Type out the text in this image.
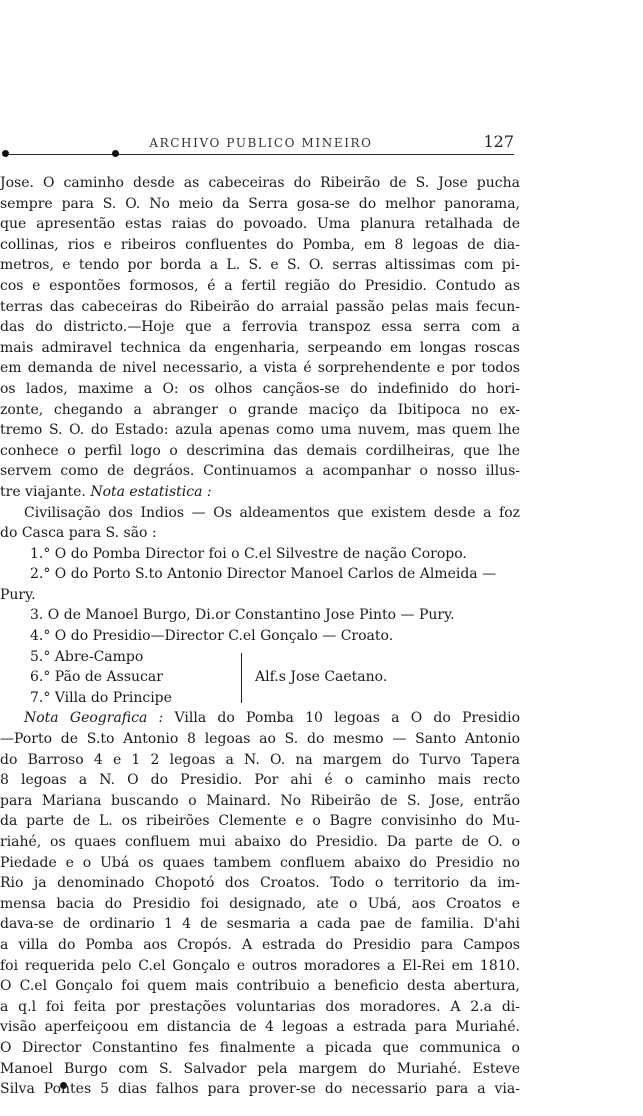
ARCHIVO PUBLICO MINEIRO	127
Jose. O caminho desde as cabeceiras do Ribeirão de S. Jose pucha
sempre para S. O. No meio da Serra gosa-se do melhor panorama,
que apresentão estas raias do povoado. Uma planura retalhada de
collinas, rios e ribeiros confluentes do Pomba, em 8 legoas de dia-
metros, e tendo por borda a L. S. e S. O. serras altissimas com pi-
cos e espontões formosos, é a fertil região do Presidio. Contudo as
terras das cabeceiras do Ribeirão do arraial passão pelas mais fecun-
das do districto.—Hoje que a ferrovia transpoz essa serra com a
mais admiravel technica da engenharia, serpeando em longas roscas
em demanda de nivel necessario, a vista é sorprehendente e por todos
os lados, maxime a O: os olhos cançãos-se do indefinido do hori-
zonte, chegando a abranger o grande maciço da Ibitipoca no ex-
tremo S. O. do Estado: azula apenas como uma nuvem, mas quem lhe
conhece o perfil logo o descrimina das demais cordilheiras, que lhe
servem como de degráos. Continuamos a acompanhar o nosso illus-
tre viajante. Nota estatistica :
Civilisação dos Indios — Os aldeamentos que existem desde a foz
do Casca para S. são :
1.° O do Pomba Director foi o C.el Silvestre de nação Coropo.
2.° O do Porto S.to Antonio Director Manoel Carlos de Almeida —
Pury.
3. O de Manoel Burgo, Di.or Constantino Jose Pinto — Pury.
4.° O do Presidio—Director C.el Gonçalo — Croato.
5.° Abre-Campo
6.° Pão de Assucar
7.° Villa do Principe
Alf.s Jose Caetano.
Nota Geografica : Villa do Pomba 10 legoas a O do Presidio
—Porto de S.to Antonio 8 legoas ao S. do mesmo — Santo Antonio
do Barroso 4 e 1 2 legoas a N. O. na margem do Turvo Tapera
8 legoas a N. O do Presidio. Por ahi é o caminho mais recto
para Mariana buscando o Mainard. No Ribeirão de S. Jose, entrão
da parte de L. os ribeirões Clemente e o Bagre convisinho do Mu-
riahé, os quaes confluem mui abaixo do Presidio. Da parte de O. o
Piedade e o Ubá os quaes tambem confluem abaixo do Presidio no
Rio ja denominado Chopotó dos Croatos. Todo o territorio da im-
mensa bacia do Presidio foi designado, ate o Ubá, aos Croatos e
dava-se de ordinario 1 4 de sesmaria a cada pae de familia. D'ahi
a villa do Pomba aos Cropós. A estrada do Presidio para Campos
foi requerida pelo C.el Gonçalo e outros moradores a El-Rei em 1810.
O C.el Gonçalo foi quem mais contribuio a beneficio desta abertura,
a q.l foi feita por prestações voluntarias dos moradores. A 2.a di-
visão aperfeiçoou em distancia de 4 legoas a estrada para Muriahé.
O Director Constantino fes finalmente a picada que communica o
Manoel Burgo com S. Salvador pela margem do Muriahé. Esteve
Silva Pontes 5 dias falhos para prover-se do necessario para a via-
